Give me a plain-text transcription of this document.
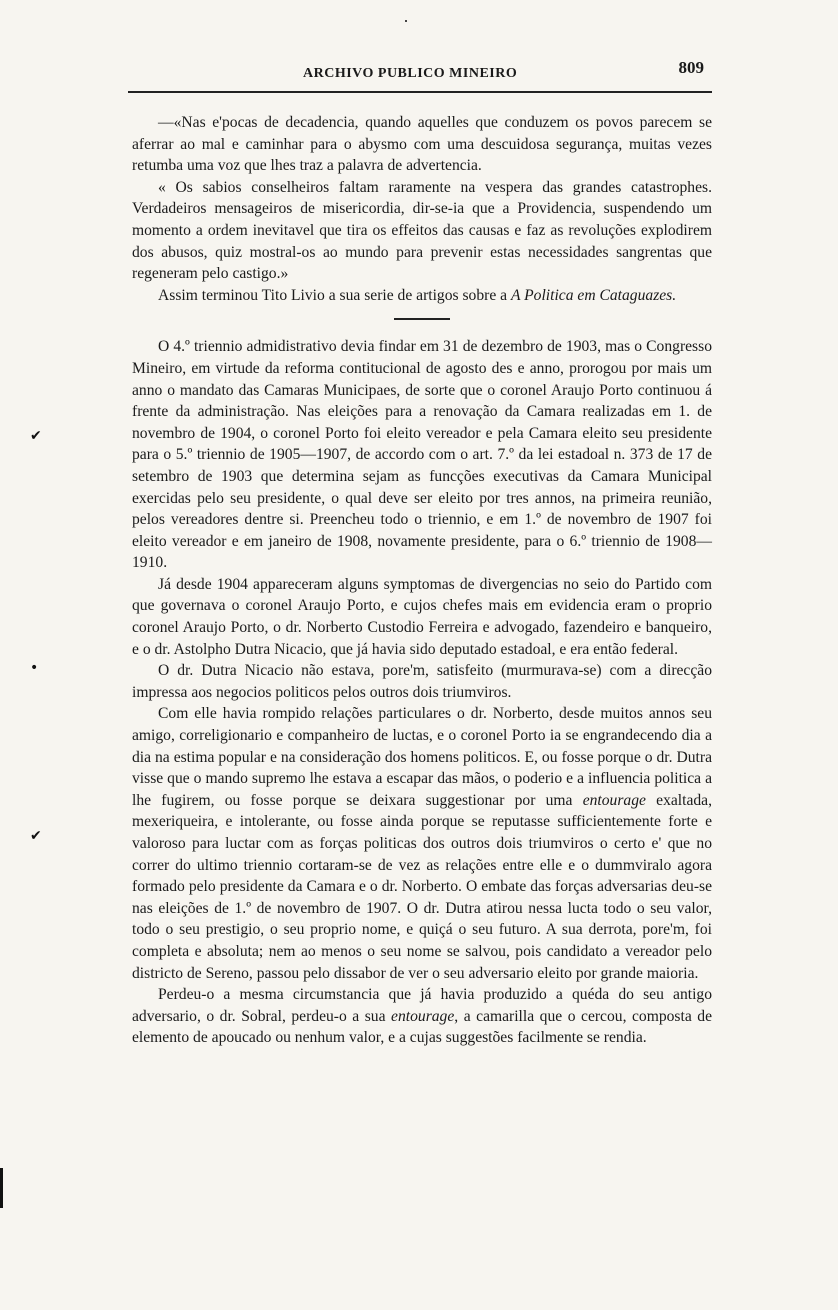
ARCHIVO PUBLICO MINEIRO	809
✔
•
✔

—«Nas e'pocas de decadencia, quando aquelles que conduzem os povos parecem se aferrar ao mal e caminhar para o abysmo com uma descuidosa segurança, muitas vezes retumba uma voz que lhes traz a palavra de advertencia.

« Os sabios conselheiros faltam raramente na vespera das grandes catastrophes. Verdadeiros mensageiros de misericordia, dir-se-ia que a Providencia, suspendendo um momento a ordem inevitavel que tira os effeitos das causas e faz as revoluções explodirem dos abusos, quiz mostral-os ao mundo para prevenir estas necessidades sangrentas que regeneram pelo castigo.»

Assim terminou Tito Livio a sua serie de artigos sobre a A Politica em Cataguazes.

O 4.º triennio admidistrativo devia findar em 31 de dezembro de 1903, mas o Congresso Mineiro, em virtude da reforma contitucional de agosto des e anno, prorogou por mais um anno o mandato das Camaras Municipaes, de sorte que o coronel Araujo Porto continuou á frente da administração. Nas eleições para a renovação da Camara realizadas em 1. de novembro de 1904, o coronel Porto foi eleito vereador e pela Camara eleito seu presidente para o 5.º triennio de 1905—1907, de accordo com o art. 7.º da lei estadoal n. 373 de 17 de setembro de 1903 que determina sejam as funcções executivas da Camara Municipal exercidas pelo seu presidente, o qual deve ser eleito por tres annos, na primeira reunião, pelos vereadores dentre si. Preencheu todo o triennio, e em 1.º de novembro de 1907 foi eleito vereador e em janeiro de 1908, novamente presidente, para o 6.º triennio de 1908—1910.

Já desde 1904 appareceram alguns symptomas de divergencias no seio do Partido com que governava o coronel Araujo Porto, e cujos chefes mais em evidencia eram o proprio coronel Araujo Porto, o dr. Norberto Custodio Ferreira e advogado, fazendeiro e banqueiro, e o dr. Astolpho Dutra Nicacio, que já havia sido deputado estadoal, e era então federal.

O dr. Dutra Nicacio não estava, pore'm, satisfeito (murmurava-se) com a direcção impressa aos negocios politicos pelos outros dois triumviros.

Com elle havia rompido relações particulares o dr. Norberto, desde muitos annos seu amigo, correligionario e companheiro de luctas, e o coronel Porto ia se engrandecendo dia a dia na estima popular e na consideração dos homens politicos. E, ou fosse porque o dr. Dutra visse que o mando supremo lhe estava a escapar das mãos, o poderio e a influencia politica a lhe fugirem, ou fosse porque se deixara suggestionar por uma entourage exaltada, mexeriqueira, e intolerante, ou fosse ainda porque se reputasse sufficientemente forte e valoroso para luctar com as forças politicas dos outros dois triumviros o certo e' que no correr do ultimo triennio cortaram-se de vez as relações entre elle e o dummviralo agora formado pelo presidente da Camara e o dr. Norberto. O embate das forças adversarias deu-se nas eleições de 1.º de novembro de 1907. O dr. Dutra atirou nessa lucta todo o seu valor, todo o seu prestigio, o seu proprio nome, e quiçá o seu futuro. A sua derrota, pore'm, foi completa e absoluta; nem ao menos o seu nome se salvou, pois candidato a vereador pelo districto de Sereno, passou pelo dissabor de ver o seu adversario eleito por grande maioria.

Perdeu-o a mesma circumstancia que já havia produzido a quéda do seu antigo adversario, o dr. Sobral, perdeu-o a sua entourage, a camarilla que o cercou, composta de elemento de apoucado ou nenhum valor, e a cujas suggestões facilmente se rendia.
